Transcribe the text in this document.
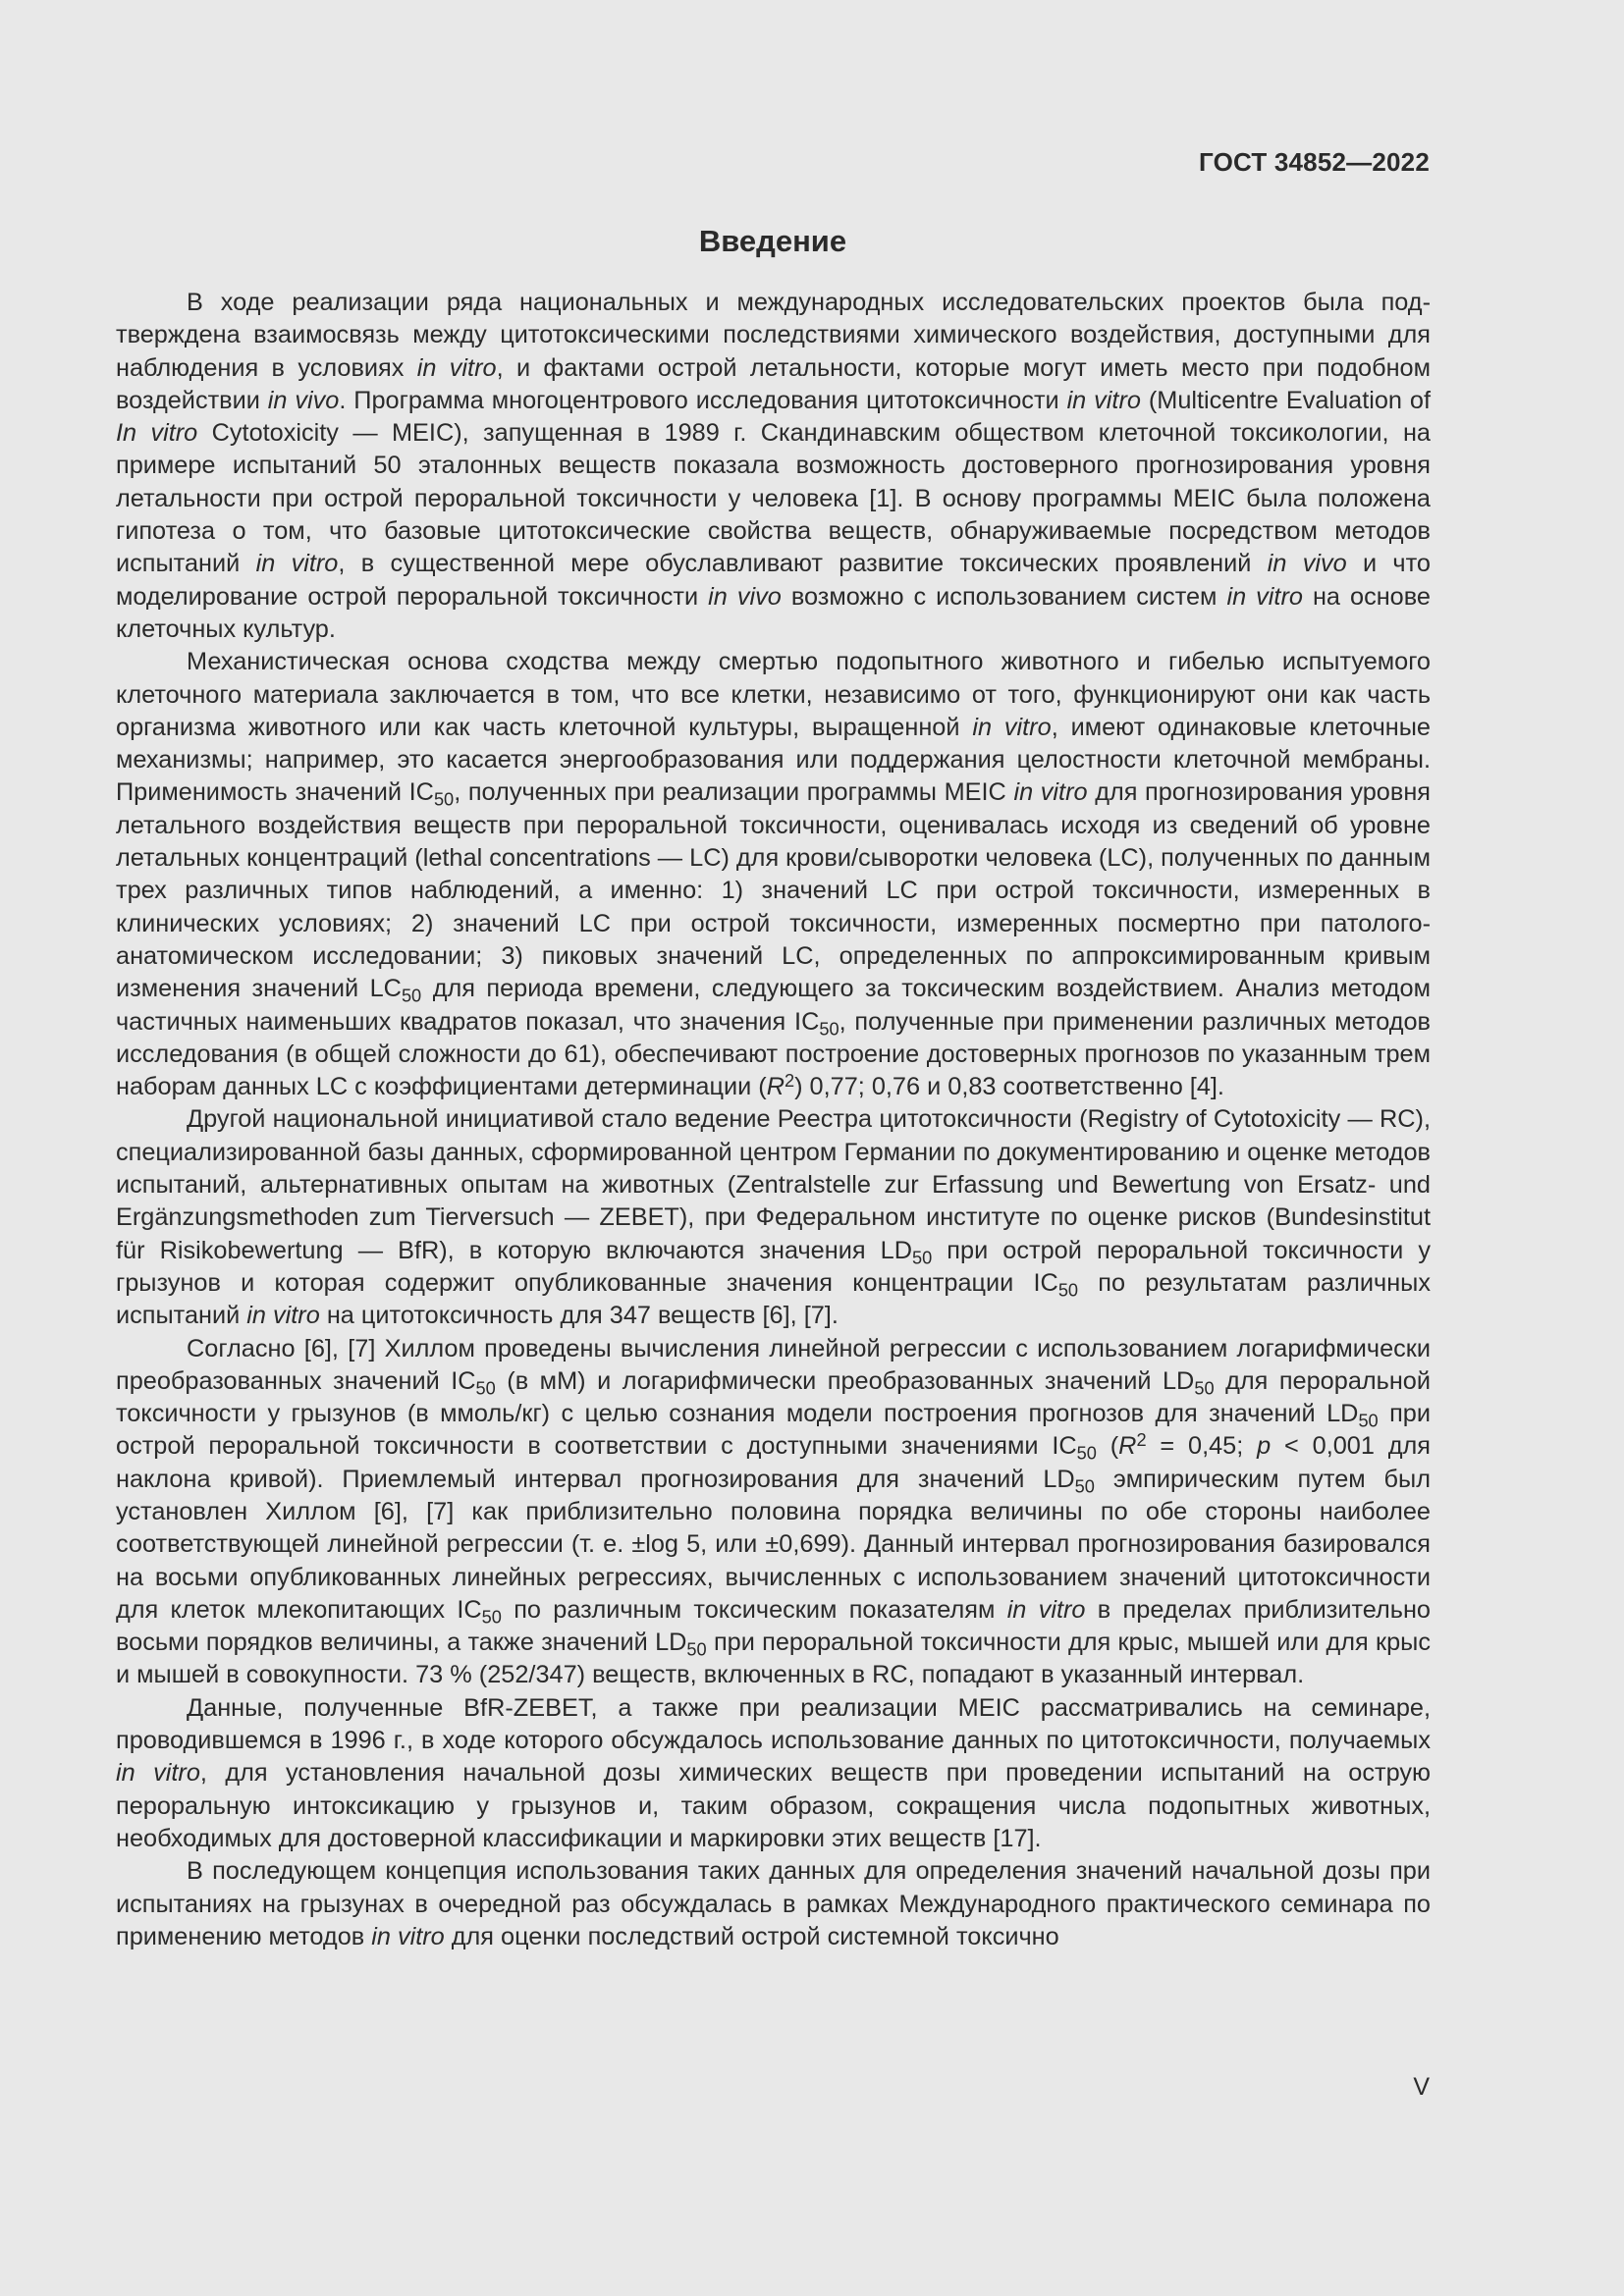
ГОСТ 34852—2022
Введение

В ходе реализации ряда национальных и международных исследовательских проектов была подтверждена взаимосвязь между цитотоксическими последствиями химического воздействия, доступными для наблюдения в условиях in vitro, и фактами острой летальности, которые могут иметь место при подобном воздействии in vivo. Программа многоцентрового исследования цитотоксичности in vitro (Multicentre Evaluation of In vitro Cytotoxicity — MEIC), запущенная в 1989 г. Скандинавским обществом клеточной токсикологии, на примере испытаний 50 эталонных веществ показала возможность достоверного прогнозирования уровня летальности при острой пероральной токсичности у человека [1]. В основу программы MEIC была положена гипотеза о том, что базовые цитотоксические свойства веществ, обнаруживаемые посредством методов испытаний in vitro, в существенной мере обуславливают развитие токсических проявлений in vivo и что моделирование острой пероральной токсичности in vivo возможно с использованием систем in vitro на основе клеточных культур.

Механистическая основа сходства между смертью подопытного животного и гибелью испытуемого клеточного материала заключается в том, что все клетки, независимо от того, функционируют они как часть организма животного или как часть клеточной культуры, выращенной in vitro, имеют одинаковые клеточные механизмы; например, это касается энергообразования или поддержания целостности клеточной мембраны. Применимость значений $IC_{50}$, полученных при реализации программы MEIC in vitro для прогнозирования уровня летального воздействия веществ при пероральной токсичности, оценивалась исходя из сведений об уровне летальных концентраций (lethal concentrations — LC) для крови/​сыворотки человека (LC), полученных по данным трех различных типов наблюдений, а именно: 1) значений LC при острой токсичности, измеренных в клинических условиях; 2) значений LC при острой токсичности, измеренных посмертно при патолого-анатомическом исследовании; 3) пиковых значений LC, определенных по аппроксимированным кривым изменения значений $LC_{50}$ для периода времени, следующего за токсическим воздействием. Анализ методом частичных наименьших квадратов показал, что значения $IC_{50}$, полученные при применении различных методов исследования (в общей сложности до 61), обеспечивают построение достоверных прогнозов по указанным трем наборам данных LC с коэффициентами детерминации $(R^2)$ 0,77; 0,76 и 0,83 соответственно [4].

Другой национальной инициативой стало ведение Реестра цитотоксичности (Registry of Cytotoxicity — RC), специализированной базы данных, сформированной центром Германии по документированию и оценке методов испытаний, альтернативных опытам на животных (Zentralstelle zur Erfassung und Bewertung von Ersatz- und Ergänzungsmethoden zum Tierversuch — ZEBET), при Федеральном институте по оценке рисков (Bundesinstitut für Risikobewertung — BfR), в которую включаются значения $LD_{50}$ при острой пероральной токсичности у грызунов и которая содержит опубликованные значения концентрации $IC_{50}$ по результатам различных испытаний in vitro на цитотоксичность для 347 веществ [6], [7].

Согласно [6], [7] Хиллом проведены вычисления линейной регрессии с использованием логарифмически преобразованных значений $IC_{50}$ (в мМ) и логарифмически преобразованных значений $LD_{50}$ для пероральной токсичности у грызунов (в ммоль/кг) с целью сознания модели построения прогнозов для значений $LD_{50}$ при острой пероральной токсичности в соответствии с доступными значениями $IC_{50}$ ($R^2 = 0,45$; p < 0,001 для наклона кривой). Приемлемый интервал прогнозирования для значений $LD_{50}$ эмпирическим путем был установлен Хиллом [6], [7] как приблизительно половина порядка величины по обе стороны наиболее соответствующей линейной регрессии (т. е. ±log 5, или ±0,699). Данный интервал прогнозирования базировался на восьми опубликованных линейных регрессиях, вычисленных с использованием значений цитотоксичности для клеток млекопитающих $IC_{50}$ по различным токсическим показателям in vitro в пределах приблизительно восьми порядков величины, а также значений $LD_{50}$ при пероральной токсичности для крыс, мышей или для крыс и мышей в совокупности. 73 % (252/347) веществ, включенных в RC, попадают в указанный интервал.

Данные, полученные BfR-ZEBET, а также при реализации MEIC рассматривались на семинаре, проводившемся в 1996 г., в ходе которого обсуждалось использование данных по цитотоксичности, получаемых in vitro, для установления начальной дозы химических веществ при проведении испытаний на острую пероральную интоксикацию у грызунов и, таким образом, сокращения числа подопытных животных, необходимых для достоверной классификации и маркировки этих веществ [17].

В последующем концепция использования таких данных для определения значений начальной дозы при испытаниях на грызунах в очередной раз обсуждалась в рамках Международного практического семинара по применению методов in vitro для оценки последствий острой системной токсично

V
